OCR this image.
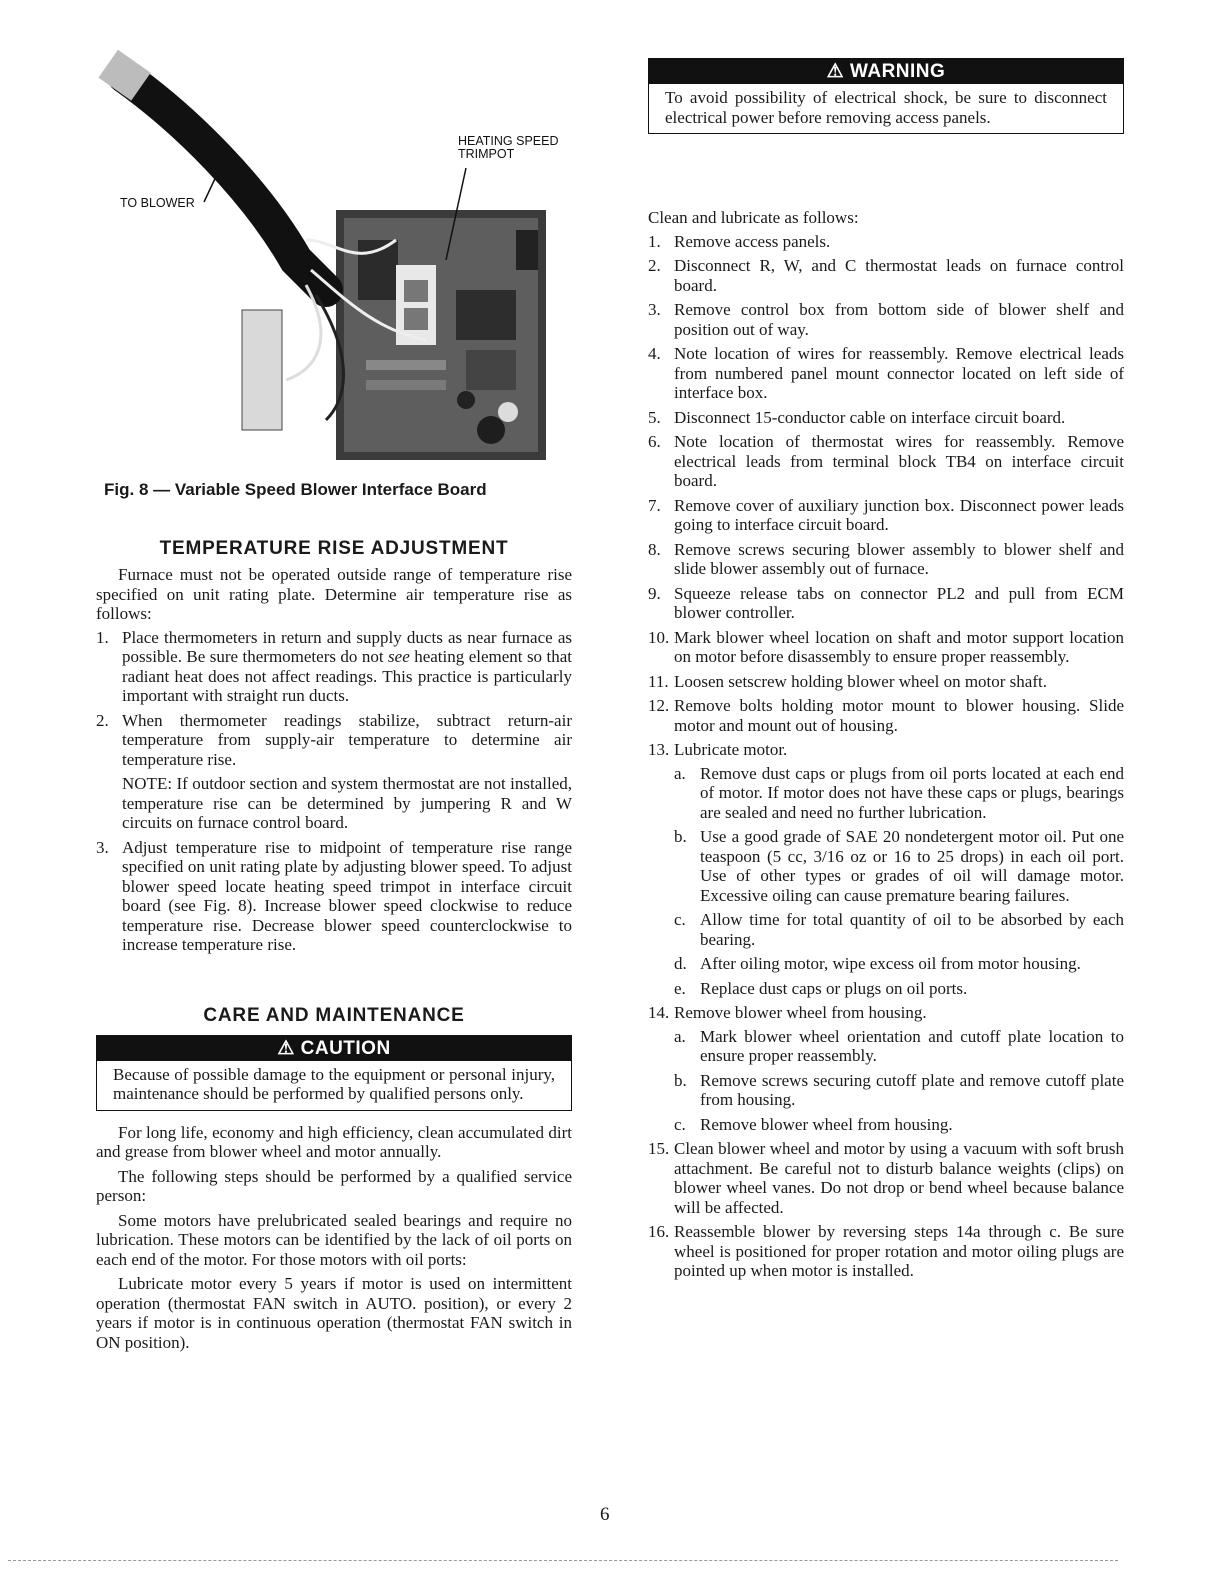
HEATING SPEED
TRIMPOT
TO BLOWER
Fig. 8 — Variable Speed Blower Interface Board
TEMPERATURE RISE ADJUSTMENT

Furnace must not be operated outside range of temperature rise specified on unit rating plate. Determine air temperature rise as follows:

1. Place thermometers in return and supply ducts as near furnace as possible. Be sure thermometers do not see heating element so that radiant heat does not affect readings. This practice is particularly important with straight run ducts.
2. When thermometer readings stabilize, subtract return-air temperature from supply-air temperature to determine air temperature rise.
NOTE: If outdoor section and system thermostat are not installed, temperature rise can be determined by jumpering R and W circuits on furnace control board.
3. Adjust temperature rise to midpoint of temperature rise range specified on unit rating plate by adjusting blower speed. To adjust blower speed locate heating speed trimpot in interface circuit board (see Fig. 8). Increase blower speed clockwise to reduce temperature rise. Decrease blower speed counterclockwise to increase temperature rise.
CARE AND MAINTENANCE
⚠ CAUTION
Because of possible damage to the equipment or personal injury, maintenance should be performed by qualified persons only.

For long life, economy and high efficiency, clean accumulated dirt and grease from blower wheel and motor annually.

The following steps should be performed by a qualified service person:

Some motors have prelubricated sealed bearings and require no lubrication. These motors can be identified by the lack of oil ports on each end of the motor. For those motors with oil ports:

Lubricate motor every 5 years if motor is used on intermittent operation (thermostat FAN switch in AUTO. position), or every 2 years if motor is in continuous operation (thermostat FAN switch in ON position).

⚠ WARNING
To avoid possibility of electrical shock, be sure to disconnect electrical power before removing access panels.

Clean and lubricate as follows:

1. Remove access panels.
2. Disconnect R, W, and C thermostat leads on furnace control board.
3. Remove control box from bottom side of blower shelf and position out of way.
4. Note location of wires for reassembly. Remove electrical leads from numbered panel mount connector located on left side of interface box.
5. Disconnect 15-conductor cable on interface circuit board.
6. Note location of thermostat wires for reassembly. Remove electrical leads from terminal block TB4 on interface circuit board.
7. Remove cover of auxiliary junction box. Disconnect power leads going to interface circuit board.
8. Remove screws securing blower assembly to blower shelf and slide blower assembly out of furnace.
9. Squeeze release tabs on connector PL2 and pull from ECM blower controller.
10. Mark blower wheel location on shaft and motor support location on motor before disassembly to ensure proper reassembly.
11. Loosen setscrew holding blower wheel on motor shaft.
12. Remove bolts holding motor mount to blower housing. Slide motor and mount out of housing.
13. Lubricate motor.
a. Remove dust caps or plugs from oil ports located at each end of motor. If motor does not have these caps or plugs, bearings are sealed and need no further lubrication.
b. Use a good grade of SAE 20 nondetergent motor oil. Put one teaspoon (5 cc, 3/16 oz or 16 to 25 drops) in each oil port. Use of other types or grades of oil will damage motor. Excessive oiling can cause premature bearing failures.
c. Allow time for total quantity of oil to be absorbed by each bearing.
d. After oiling motor, wipe excess oil from motor housing.
e. Replace dust caps or plugs on oil ports.
14. Remove blower wheel from housing.
a. Mark blower wheel orientation and cutoff plate location to ensure proper reassembly.
b. Remove screws securing cutoff plate and remove cutoff plate from housing.
c. Remove blower wheel from housing.
15. Clean blower wheel and motor by using a vacuum with soft brush attachment. Be careful not to disturb balance weights (clips) on blower wheel vanes. Do not drop or bend wheel because balance will be affected.
16. Reassemble blower by reversing steps 14a through c. Be sure wheel is positioned for proper rotation and motor oiling plugs are pointed up when motor is installed.
6
